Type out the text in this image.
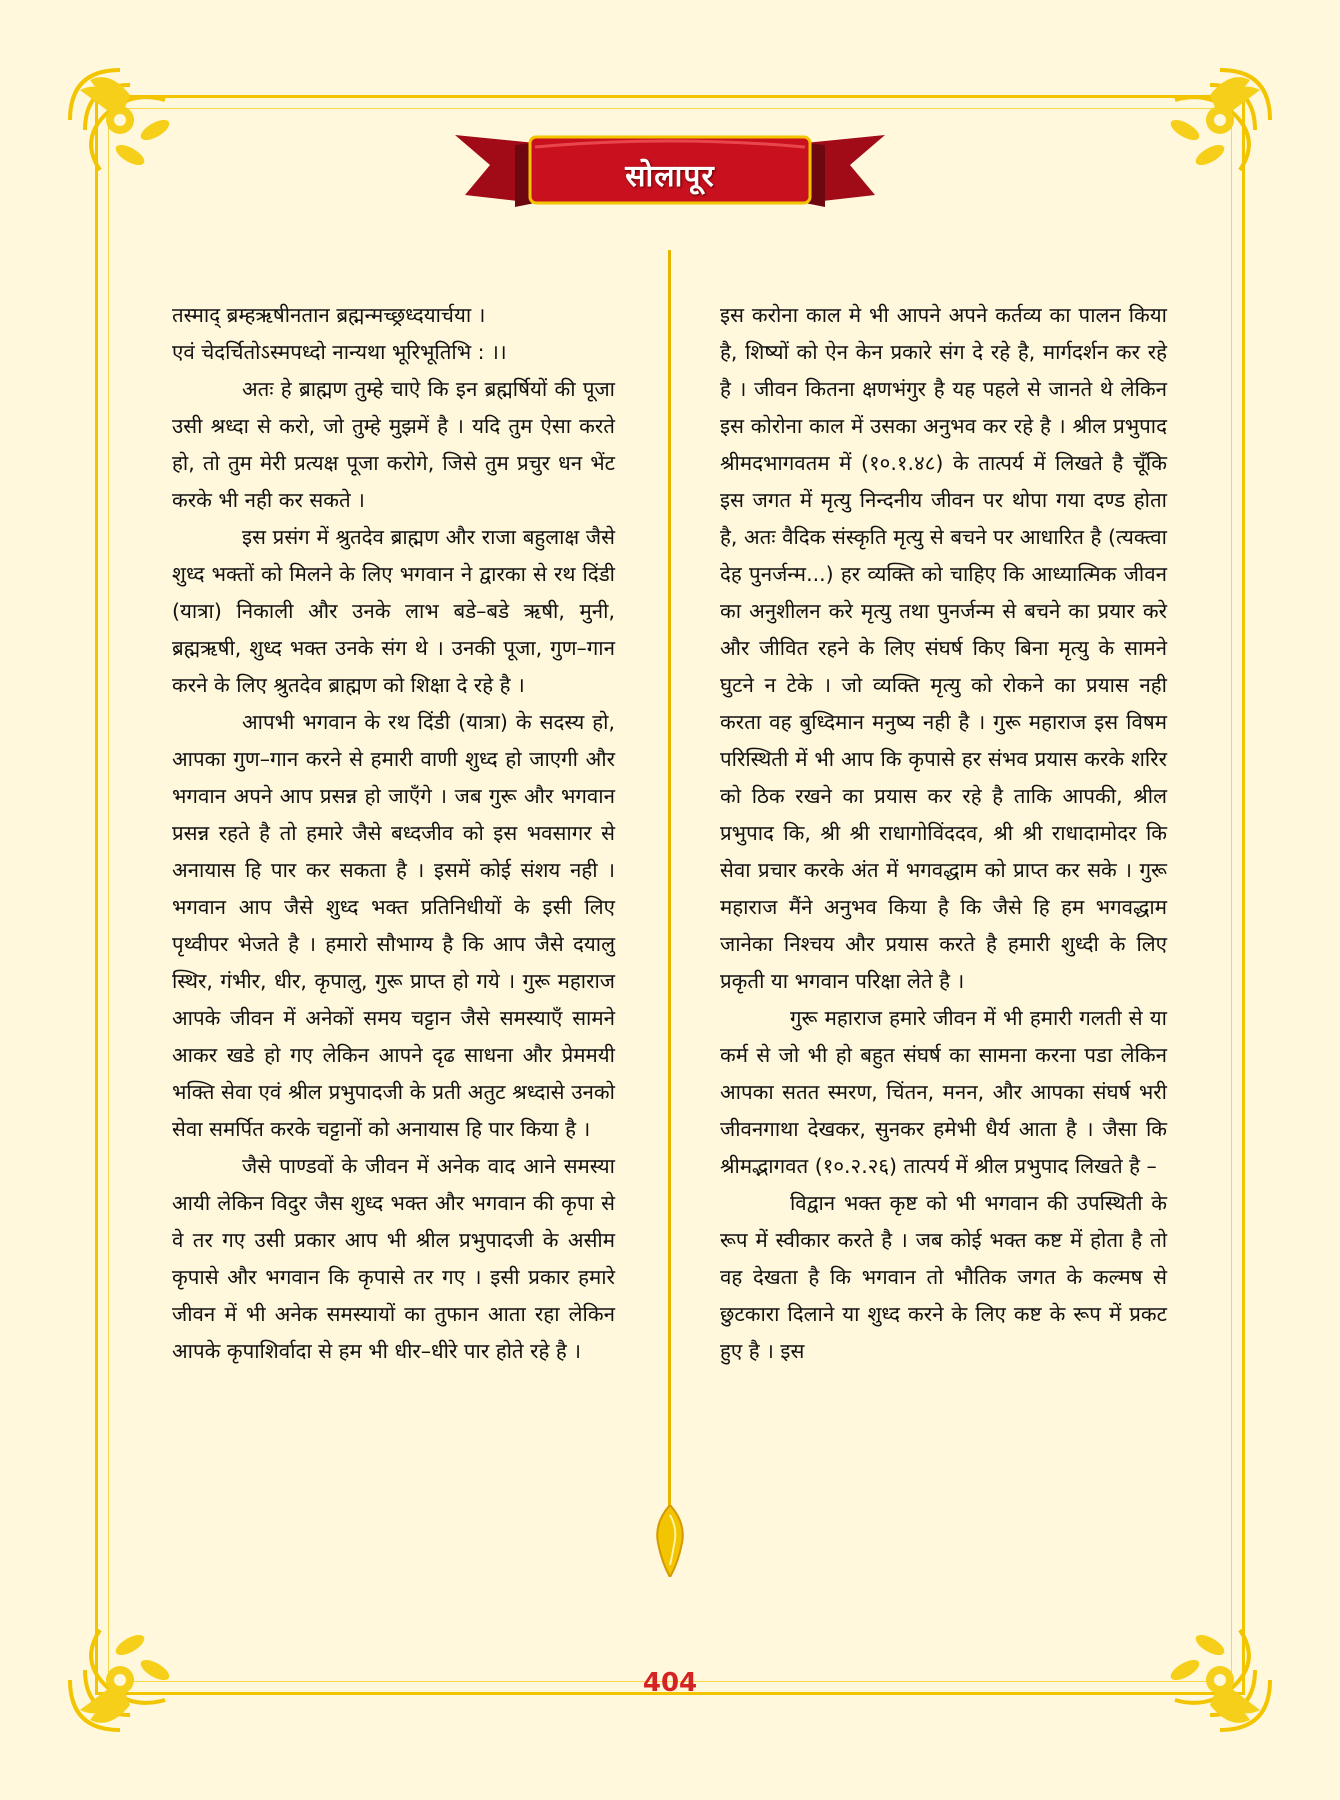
सोलापूर

तस्माद् ब्रम्हऋषीनतान ब्रह्मन्मच्छ्रध्दयार्चया ।

एवं चेदर्चितोऽस्मपध्दो नान्यथा भूरिभूतिभि : ।।

अतः हे ब्राह्मण तुम्हे चाऐ कि इन ब्रह्मर्षियों की पूजा उसी श्रध्दा से करो, जो तुम्हे मुझमें है । यदि तुम ऐसा करते हो, तो तुम मेरी प्रत्यक्ष पूजा करोगे, जिसे तुम प्रचुर धन भेंट करके भी नही कर सकते ।

इस प्रसंग में श्रुतदेव ब्राह्मण और राजा बहुलाक्ष जैसे शुध्द भक्तों को मिलने के लिए भगवान ने द्वारका से रथ दिंडी (यात्रा) निकाली और उनके लाभ बडे–बडे ऋषी, मुनी, ब्रह्मऋषी, शुध्द भक्त उनके संग थे । उनकी पूजा, गुण–गान करने के लिए श्रुतदेव ब्राह्मण को शिक्षा दे रहे है ।

आपभी भगवान के रथ दिंडी (यात्रा) के सदस्य हो, आपका गुण–गान करने से हमारी वाणी शुध्द हो जाएगी और भगवान अपने आप प्रसन्न हो जाएँगे । जब गुरू और भगवान प्रसन्न रहते है तो हमारे जैसे बध्दजीव को इस भवसागर से अनायास हि पार कर सकता है । इसमें कोई संशय नही । भगवान आप जैसे शुध्द भक्त प्रतिनिधीयों के इसी लिए पृथ्वीपर भेजते है । हमारो सौभाग्य है कि आप जैसे दयालु स्थिर, गंभीर, धीर, कृपालु, गुरू प्राप्त हो गये । गुरू महाराज आपके जीवन में अनेकों समय चट्टान जैसे समस्याएँ सामने आकर खडे हो गए लेकिन आपने दृढ साधना और प्रेममयी भक्ति सेवा एवं श्रील प्रभुपादजी के प्रती अतुट श्रध्दासे उनको सेवा समर्पित करके चट्टानों को अनायास हि पार किया है ।

जैसे पाण्डवों के जीवन में अनेक वाद आने समस्या आयी लेकिन विदुर जैस शुध्द भक्त और भगवान की कृपा से वे तर गए उसी प्रकार आप भी श्रील प्रभुपादजी के असीम कृपासे और भगवान कि कृपासे तर गए । इसी प्रकार हमारे जीवन में भी अनेक समस्यायों का तुफान आता रहा लेकिन आपके कृपाशिर्वादा से हम भी धीर–धीरे पार होते रहे है ।

इस करोना काल मे भी आपने अपने कर्तव्य का पालन किया है, शिष्यों को ऐन केन प्रकारे संग दे रहे है, मार्गदर्शन कर रहे है । जीवन कितना क्षणभंगुर है यह पहले से जानते थे लेकिन इस कोरोना काल में उसका अनुभव कर रहे है । श्रील प्रभुपाद श्रीमदभागवतम में (१०.१.४८) के तात्पर्य में लिखते है चूँकि इस जगत में मृत्यु निन्दनीय जीवन पर थोपा गया दण्ड होता है, अतः वैदिक संस्कृति मृत्यु से बचने पर आधारित है (त्यक्त्वा देह पुनर्जन्म...) हर व्यक्ति को चाहिए कि आध्यात्मिक जीवन का अनुशीलन करे मृत्यु तथा पुनर्जन्म से बचने का प्रयार करे और जीवित रहने के लिए संघर्ष किए बिना मृत्यु के सामने घुटने न टेके । जो व्यक्ति मृत्यु को रोकने का प्रयास नही करता वह बुध्दिमान मनुष्य नही है । गुरू महाराज इस विषम परिस्थिती में भी आप कि कृपासे हर संभव प्रयास करके शरिर को ठिक रखने का प्रयास कर रहे है ताकि आपकी, श्रील प्रभुपाद कि, श्री श्री राधागोविंददव, श्री श्री राधादामोदर कि सेवा प्रचार करके अंत में भगवद्धाम को प्राप्त कर सके । गुरू महाराज मैंने अनुभव किया है कि जैसे हि हम भगवद्धाम जानेका निश्चय और प्रयास करते है हमारी शुध्दी के लिए प्रकृती या भगवान परिक्षा लेते है ।

गुरू महाराज हमारे जीवन में भी हमारी गलती से या कर्म से जो भी हो बहुत संघर्ष का सामना करना पडा लेकिन आपका सतत स्मरण, चिंतन, मनन, और आपका संघर्ष भरी जीवनगाथा देखकर, सुनकर हमेभी धैर्य आता है । जैसा कि श्रीमद्भागवत (१०.२.२६) तात्पर्य में श्रील प्रभुपाद लिखते है –

विद्वान भक्त कृष्ट को भी भगवान की उपस्थिती के रूप में स्वीकार करते है । जब कोई भक्त कष्ट में होता है तो वह देखता है कि भगवान तो भौतिक जगत के कल्मष से छुटकारा दिलाने या शुध्द करने के लिए कष्ट के रूप में प्रकट हुए है । इस

404
